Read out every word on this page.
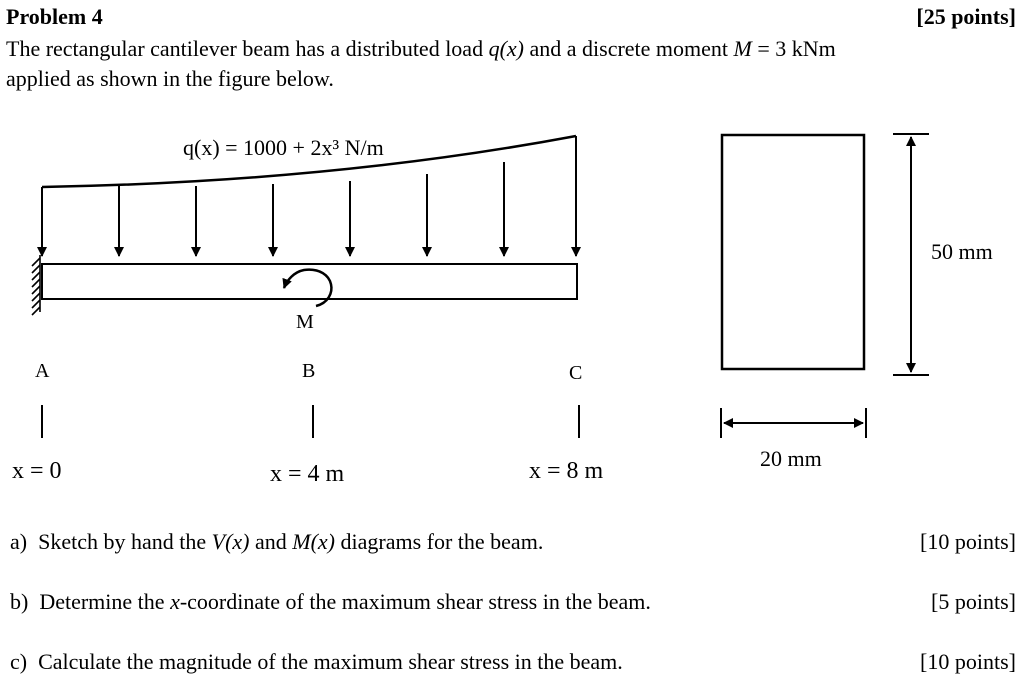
Problem 4	[25 points]
The rectangular cantilever beam has a distributed load q(x) and a discrete moment M = 3 kNm
applied as shown in the figure below.
q(x) = 1000 + 2x³ N/m
M
A	B	C
x = 0	x = 4 m	x = 8 m
50 mm
20 mm
a) Sketch by hand the V(x) and M(x) diagrams for the beam.	[10 points]
b) Determine the x-coordinate of the maximum shear stress in the beam.	[5 points]
c) Calculate the magnitude of the maximum shear stress in the beam.	[10 points]
